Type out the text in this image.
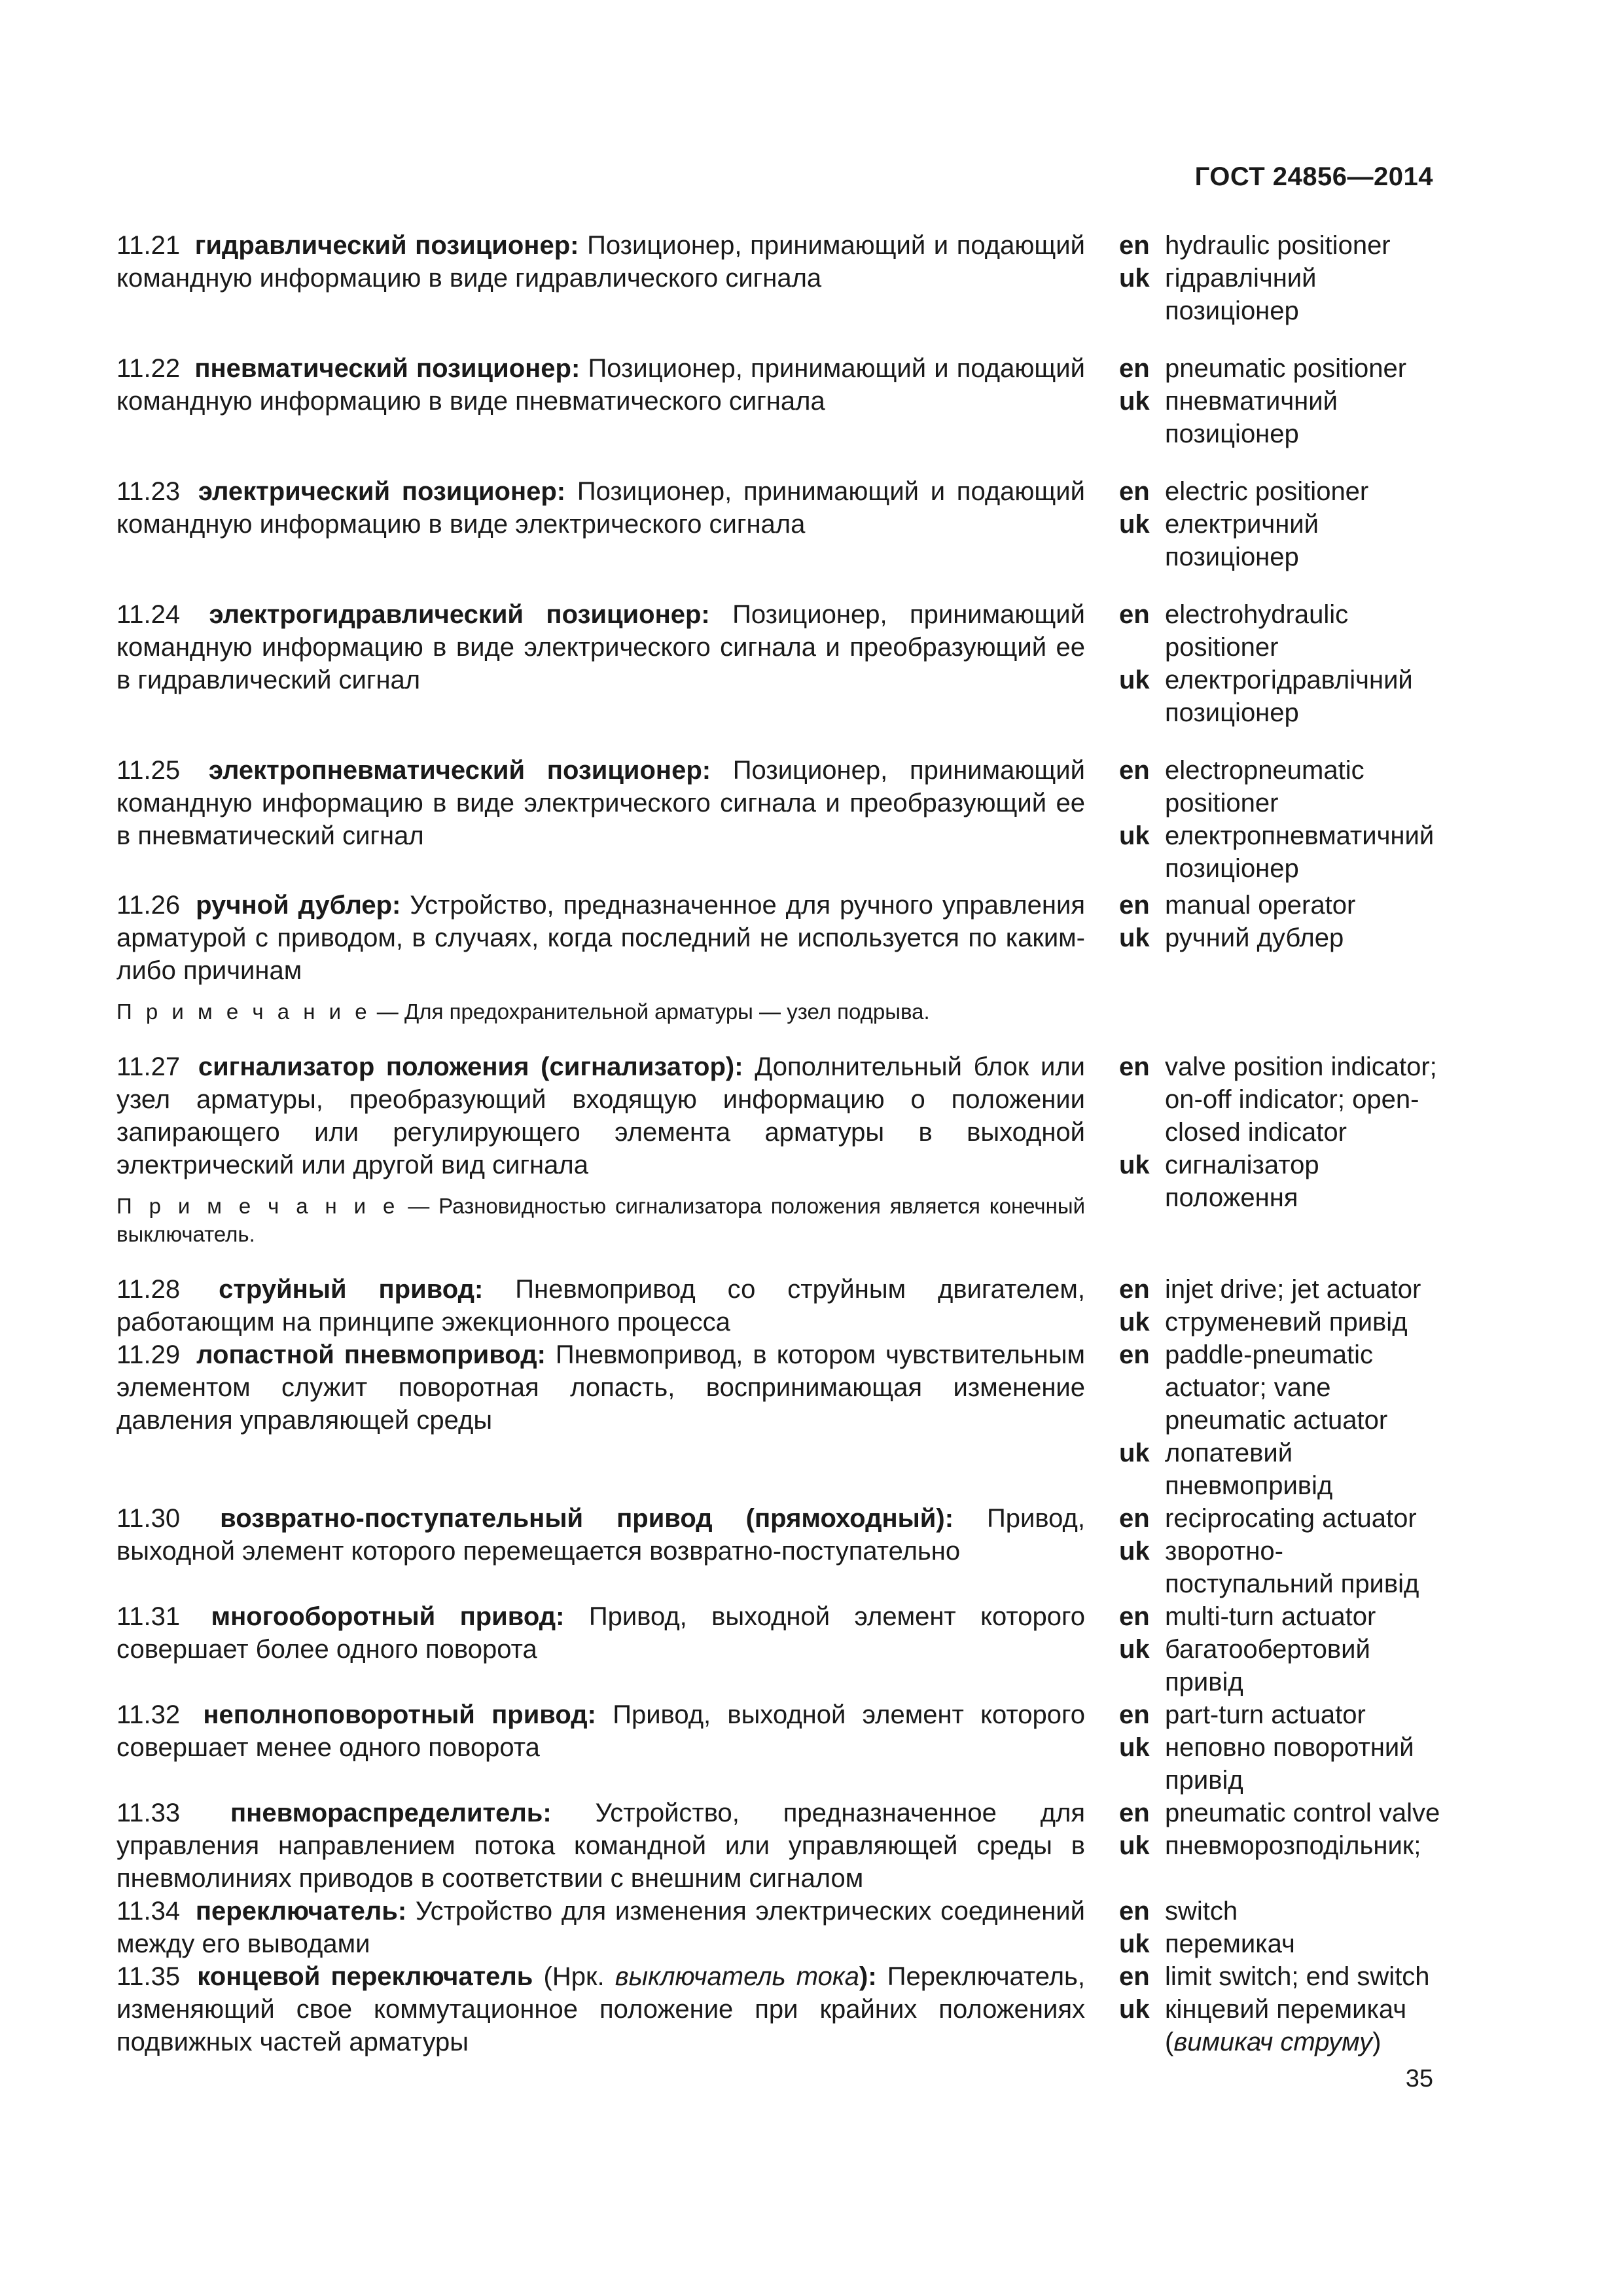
ГОСТ 24856—2014
11.21 гидравлический позиционер: Позиционер, принимающий и подающий командную информацию в виде гидравлического сигнала
en hydraulic positioner
uk гідравлічний позиціонер
11.22 пневматический позиционер: Позиционер, принимающий и подающий командную информацию в виде пневматического сигнала
en pneumatic positioner
uk пневматичний позиціонер
11.23 электрический позиционер: Позиционер, принимающий и подающий командную информацию в виде электрического сигнала
en electric positioner
uk електричний позиціонер
11.24 электрогидравлический позиционер: Позиционер, принимающий командную информацию в виде электрического сигнала и преобразующий ее в гидравлический сигнал
en electrohydraulic positioner
uk електрогідравлічний позиціонер
11.25 электропневматический позиционер: Позиционер, принимающий командную информацию в виде электрического сигнала и преобразующий ее в пневматический сигнал
en electropneumatic positioner
uk електропневматичний позиціонер
11.26 ручной дублер: Устройство, предназначенное для ручного управления арматурой с приводом, в случаях, когда последний не используется по каким-либо причинам
П р и м е ч а н и е — Для предохранительной арматуры — узел подрыва.
en manual operator
uk ручний дублер
11.27 сигнализатор положения (сигнализатор): Дополнительный блок или узел арматуры, преобразующий входящую информацию о положении запирающего или регулирующего элемента арматуры в выходной электрический или другой вид сигнала
П р и м е ч а н и е — Разновидностью сигнализатора положения является конечный выключатель.
en valve position indicator; on-off indicator; open-closed indicator
uk сигналізатор положення
11.28 струйный привод: Пневмопривод со струйным двигателем, работающим на принципе эжекционного процесса
en injet drive; jet actuator
uk струменевий привід
11.29 лопастной пневмопривод: Пневмопривод, в котором чувствительным элементом служит поворотная лопасть, воспринимающая изменение давления управляющей среды
en paddle-pneumatic actuator; vane pneumatic actuator
uk лопатевий пневмопривід
11.30 возвратно-поступательный привод (прямоходный): Привод, выходной элемент которого перемещается возвратно-поступательно
en reciprocating actuator
uk зворотно-поступальний привід
11.31 многооборотный привод: Привод, выходной элемент которого совершает более одного поворота
en multi-turn actuator
uk багатообертовий привід
11.32 неполноповоротный привод: Привод, выходной элемент которого совершает менее одного поворота
en part-turn actuator
uk неповно поворотний привід
11.33 пневмораспределитель: Устройство, предназначенное для управления направлением потока командной или управляющей среды в пневмолиниях приводов в соответствии с внешним сигналом
en pneumatic control valve
uk пневморозподільник;
11.34 переключатель: Устройство для изменения электрических соединений между его выводами
en switch
uk перемикач
11.35 концевой переключатель (Нрк. выключатель тока): Переключатель, изменяющий свое коммутационное положение при крайних положениях подвижных частей арматуры
en limit switch; end switch
uk кінцевий перемикач
(вимикач струму)
35
